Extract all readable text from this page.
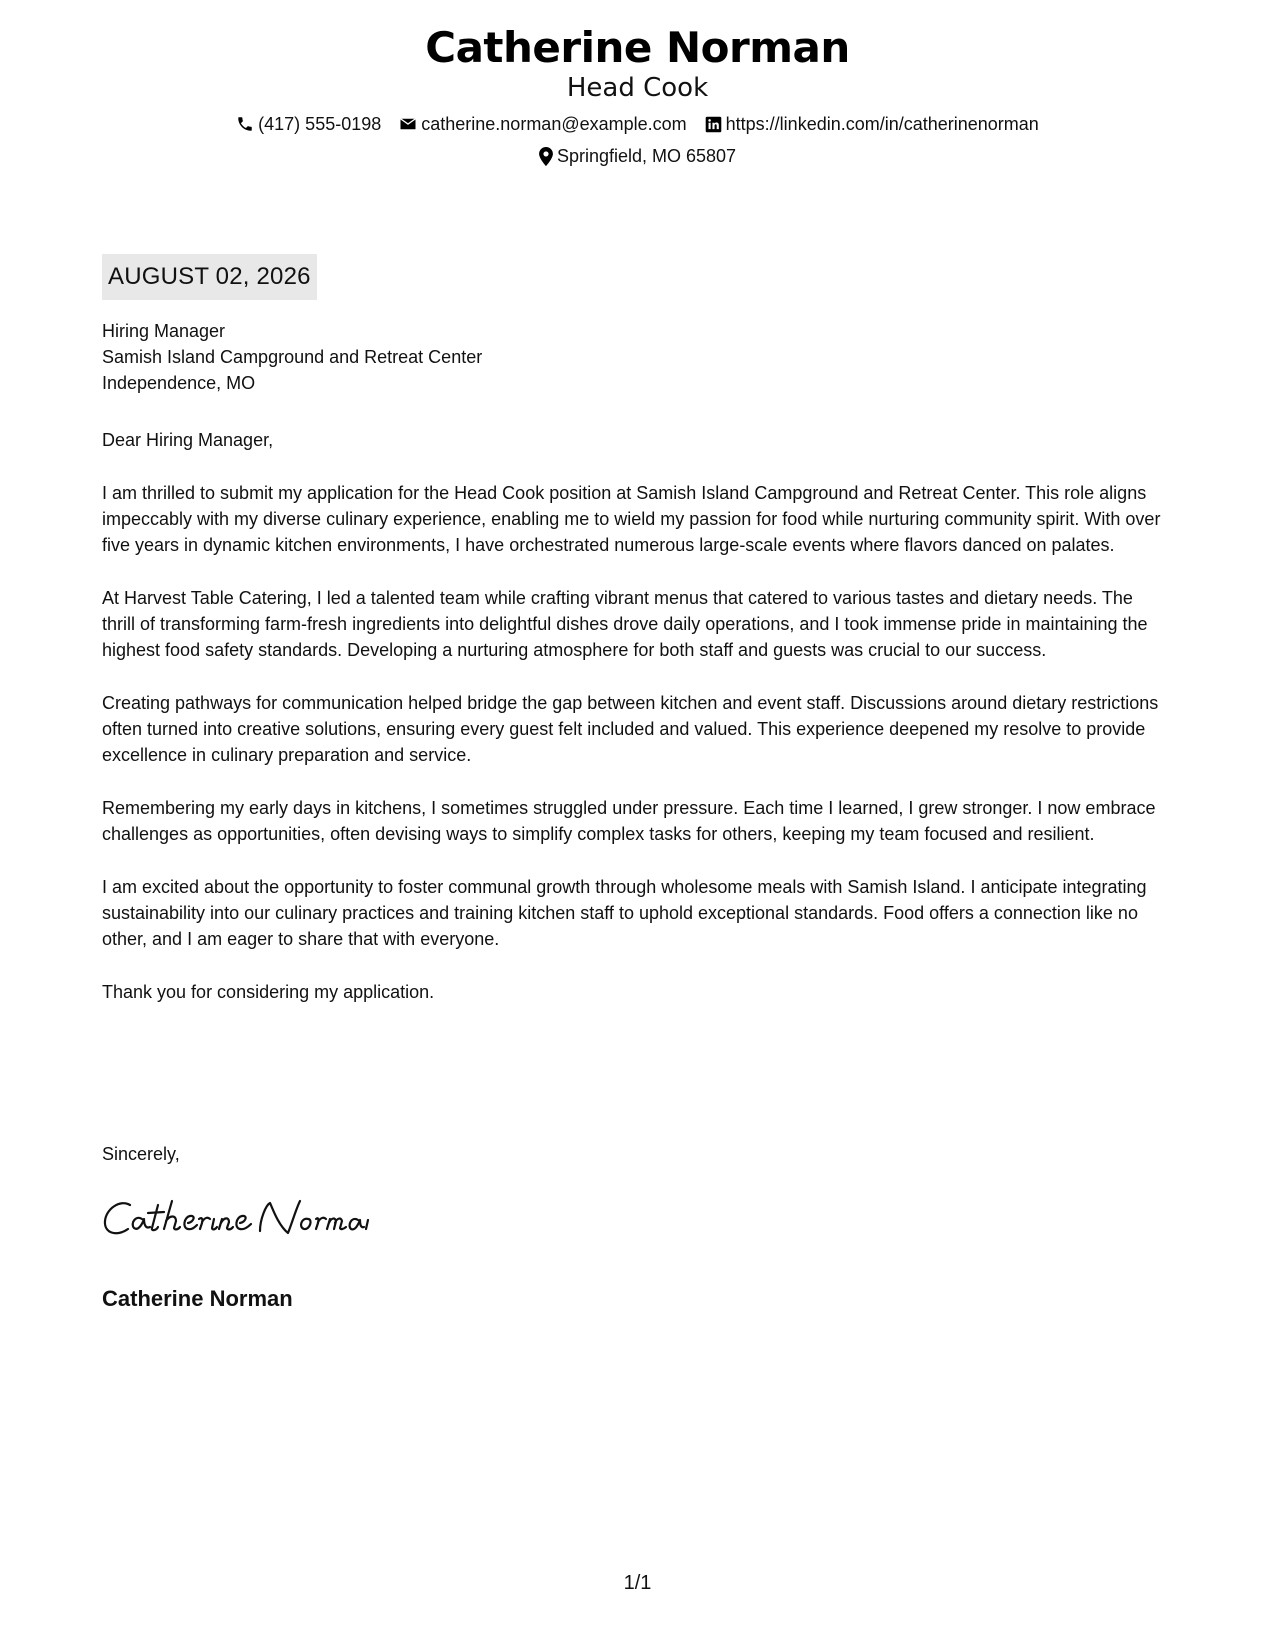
Catherine Norman
Head Cook
(417) 555-0198 catherine.norman@example.com https://linkedin.com/in/catherinenorman
Springfield, MO 65807
AUGUST 02, 2026
Hiring Manager
Samish Island Campground and Retreat Center
Independence, MO

Dear Hiring Manager,

I am thrilled to submit my application for the Head Cook position at Samish Island Campground and Retreat Center. This role aligns impeccably with my diverse culinary experience, enabling me to wield my passion for food while nurturing community spirit. With over five years in dynamic kitchen environments, I have orchestrated numerous large-scale events where flavors danced on palates.

At Harvest Table Catering, I led a talented team while crafting vibrant menus that catered to various tastes and dietary needs. The thrill of transforming farm-fresh ingredients into delightful dishes drove daily operations, and I took immense pride in maintaining the highest food safety standards. Developing a nurturing atmosphere for both staff and guests was crucial to our success.

Creating pathways for communication helped bridge the gap between kitchen and event staff. Discussions around dietary restrictions often turned into creative solutions, ensuring every guest felt included and valued. This experience deepened my resolve to provide excellence in culinary preparation and service.

Remembering my early days in kitchens, I sometimes struggled under pressure. Each time I learned, I grew stronger. I now embrace challenges as opportunities, often devising ways to simplify complex tasks for others, keeping my team focused and resilient.

I am excited about the opportunity to foster communal growth through wholesome meals with Samish Island. I anticipate integrating sustainability into our culinary practices and training kitchen staff to uphold exceptional standards. Food offers a connection like no other, and I am eager to share that with everyone.

Thank you for considering my application.

Sincerely,
Catherine Norman
1/1
